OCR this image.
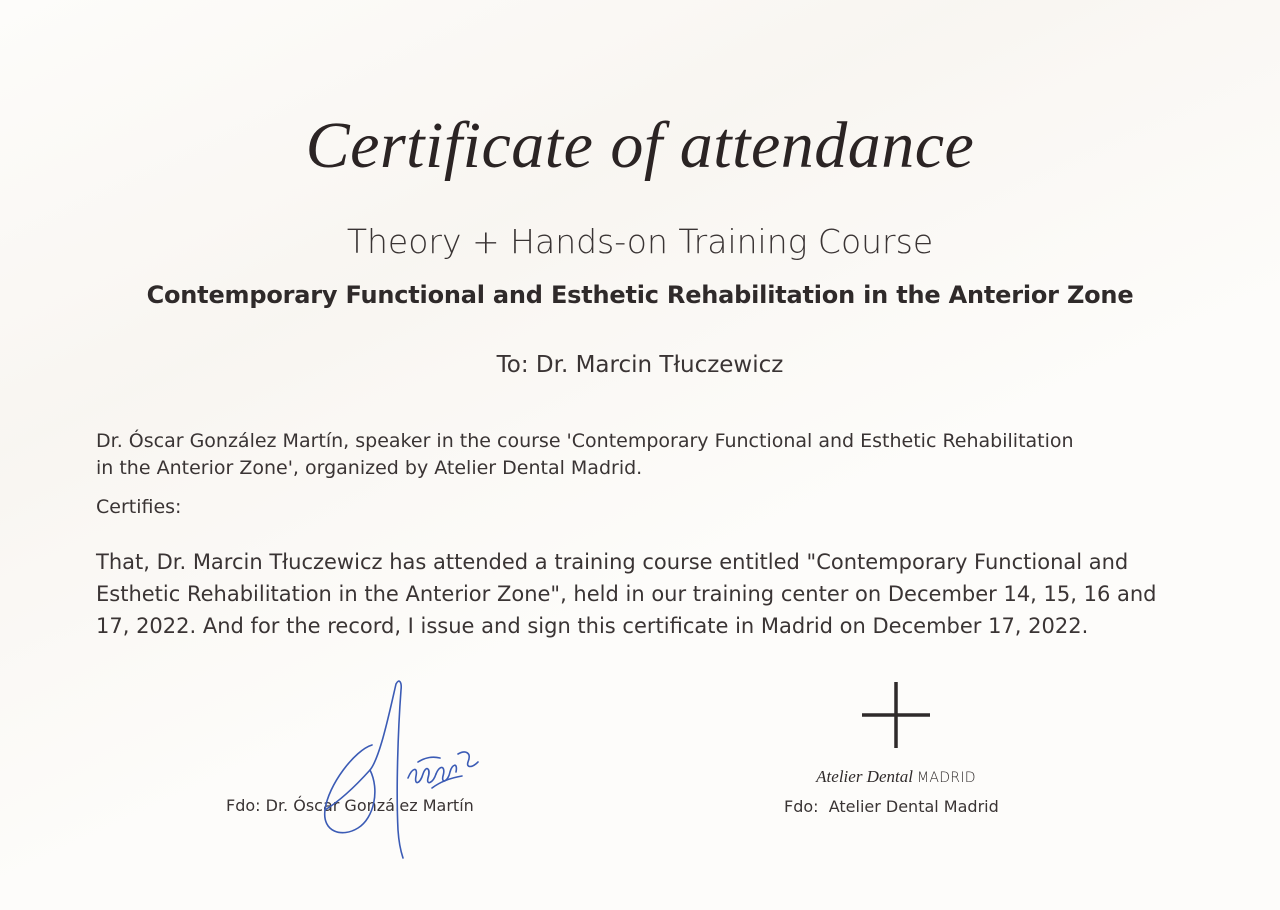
Certificate of attendance
Theory + Hands-on Training Course
Contemporary Functional and Esthetic Rehabilitation in the Anterior Zone
To: Dr. Marcin Tłuczewicz
Dr. Óscar González Martín, speaker in the course 'Contemporary Functional and Esthetic Rehabilitation in the Anterior Zone', organized by Atelier Dental Madrid.
Certifies:
That, Dr. Marcin Tłuczewicz has attended a training course entitled "Contemporary Functional and Esthetic Rehabilitation in the Anterior Zone", held in our training center on December 14, 15, 16 and 17, 2022. And for the record, I issue and sign this certificate in Madrid on December 17, 2022.
Fdo: Dr. Óscar González Martín
Atelier Dental MADRID
Fdo:  Atelier Dental Madrid
